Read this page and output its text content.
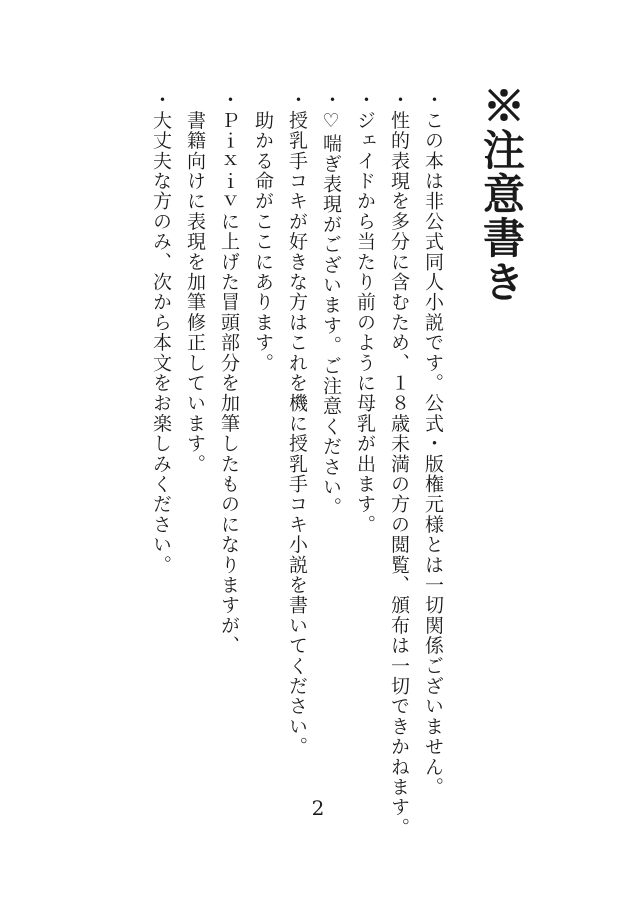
※注意書き

・この本は非公式同人小説です。公式・版権元様とは一切関係ございません。

・性的表現を多分に含むため、１８歳未満の方の閲覧、頒布は一切できかねます。

・ジェイドから当たり前のように母乳が出ます。

・♡喘ぎ表現がございます。ご注意ください。

・授乳手コキが好きな方はこれを機に授乳手コキ小説を書いてください。

　助かる命がここにあります。

・Ｐｉｘｉｖに上げた冒頭部分を加筆したものになりますが、

　書籍向けに表現を加筆修正しています。

・大丈夫な方のみ、次から本文をお楽しみください。

2
